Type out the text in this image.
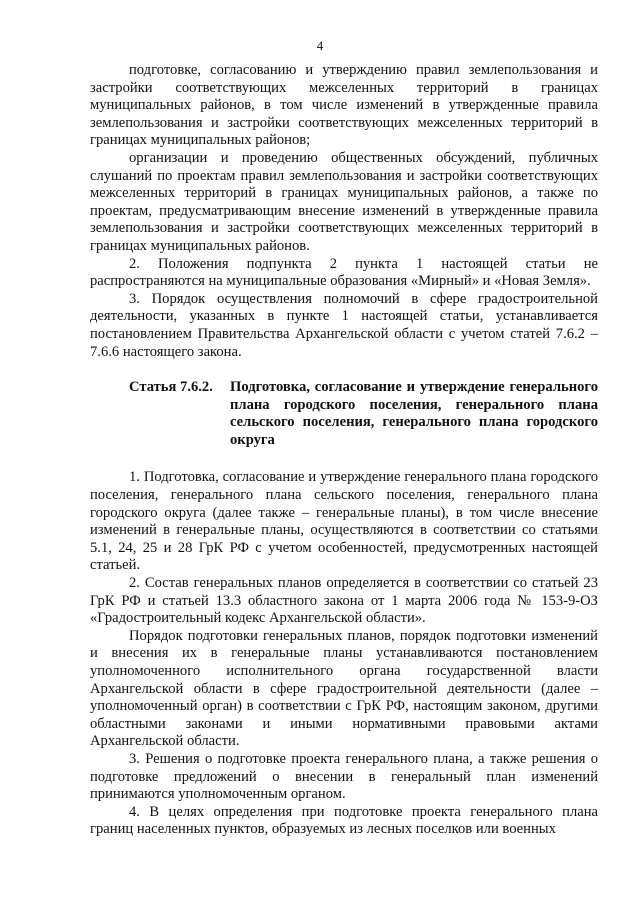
4

подготовке, согласованию и утверждению правил землепользования и застройки соответствующих межселенных территорий в границах муниципальных районов, в том числе изменений в утвержденные правила землепользования и застройки соответствующих межселенных территорий в границах муниципальных районов;

организации и проведению общественных обсуждений, публичных слушаний по проектам правил землепользования и застройки соответствующих межселенных территорий в границах муниципальных районов, а также по проектам, предусматривающим внесение изменений в утвержденные правила землепользования и застройки соответствующих межселенных территорий в границах муниципальных районов.

2. Положения подпункта 2 пункта 1 настоящей статьи не распространяются на муниципальные образования «Мирный» и «Новая Земля».

3. Порядок осуществления полномочий в сфере градостроительной деятельности, указанных в пункте 1 настоящей статьи, устанавливается постановлением Правительства Архангельской области с учетом статей 7.6.2 – 7.6.6 настоящего закона.

Статья 7.6.2.	Подготовка, согласование и утверждение генерального плана городского поселения, генерального плана сельского поселения, генерального плана городского округа

1. Подготовка, согласование и утверждение генерального плана городского поселения, генерального плана сельского поселения, генерального плана городского округа (далее также – генеральные планы), в том числе внесение изменений в генеральные планы, осуществляются в соответствии со статьями 5.1, 24, 25 и 28 ГрК РФ с учетом особенностей, предусмотренных настоящей статьей.

2. Состав генеральных планов определяется в соответствии со статьей 23 ГрК РФ и статьей 13.3 областного закона от 1 марта 2006 года № 153-9-ОЗ «Градостроительный кодекс Архангельской области».

Порядок подготовки генеральных планов, порядок подготовки изменений и внесения их в генеральные планы устанавливаются постановлением уполномоченного исполнительного органа государственной власти Архангельской области в сфере градостроительной деятельности (далее – уполномоченный орган) в соответствии с ГрК РФ, настоящим законом, другими областными законами и иными нормативными правовыми актами Архангельской области.

3. Решения о подготовке проекта генерального плана, а также решения о подготовке предложений о внесении в генеральный план изменений принимаются уполномоченным органом.

4. В целях определения при подготовке проекта генерального плана границ населенных пунктов, образуемых из лесных поселков или военных
